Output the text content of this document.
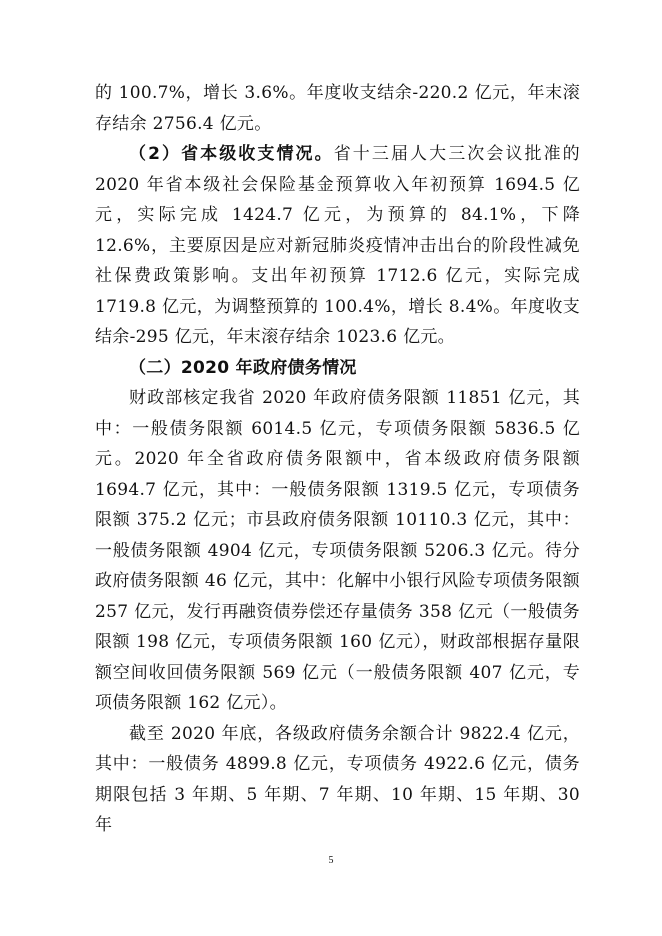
的 100.7%，增长 3.6%。年度收支结余-220.2 亿元，年末滚存结余 2756.4 亿元。

（2）省本级收支情况。省十三届人大三次会议批准的 2020 年省本级社会保险基金预算收入年初预算 1694.5 亿元，实际完成 1424.7 亿元，为预算的 84.1%，下降 12.6%，主要原因是应对新冠肺炎疫情冲击出台的阶段性减免社保费政策影响。支出年初预算 1712.6 亿元，实际完成 1719.8 亿元，为调整预算的 100.4%，增长 8.4%。年度收支结余-295 亿元，年末滚存结余 1023.6 亿元。

（二）2020 年政府债务情况

财政部核定我省 2020 年政府债务限额 11851 亿元，其中：一般债务限额 6014.5 亿元，专项债务限额 5836.5 亿元。2020 年全省政府债务限额中，省本级政府债务限额 1694.7 亿元，其中：一般债务限额 1319.5 亿元，专项债务限额 375.2 亿元；市县政府债务限额 10110.3 亿元，其中：一般债务限额 4904 亿元，专项债务限额 5206.3 亿元。待分政府债务限额 46 亿元，其中：化解中小银行风险专项债务限额 257 亿元，发行再融资债券偿还存量债务 358 亿元（一般债务限额 198 亿元，专项债务限额 160 亿元），财政部根据存量限额空间收回债务限额 569 亿元（一般债务限额 407 亿元，专项债务限额 162 亿元）。

截至 2020 年底，各级政府债务余额合计 9822.4 亿元，其中：一般债务 4899.8 亿元，专项债务 4922.6 亿元，债务期限包括 3 年期、5 年期、7 年期、10 年期、15 年期、30 年

5
